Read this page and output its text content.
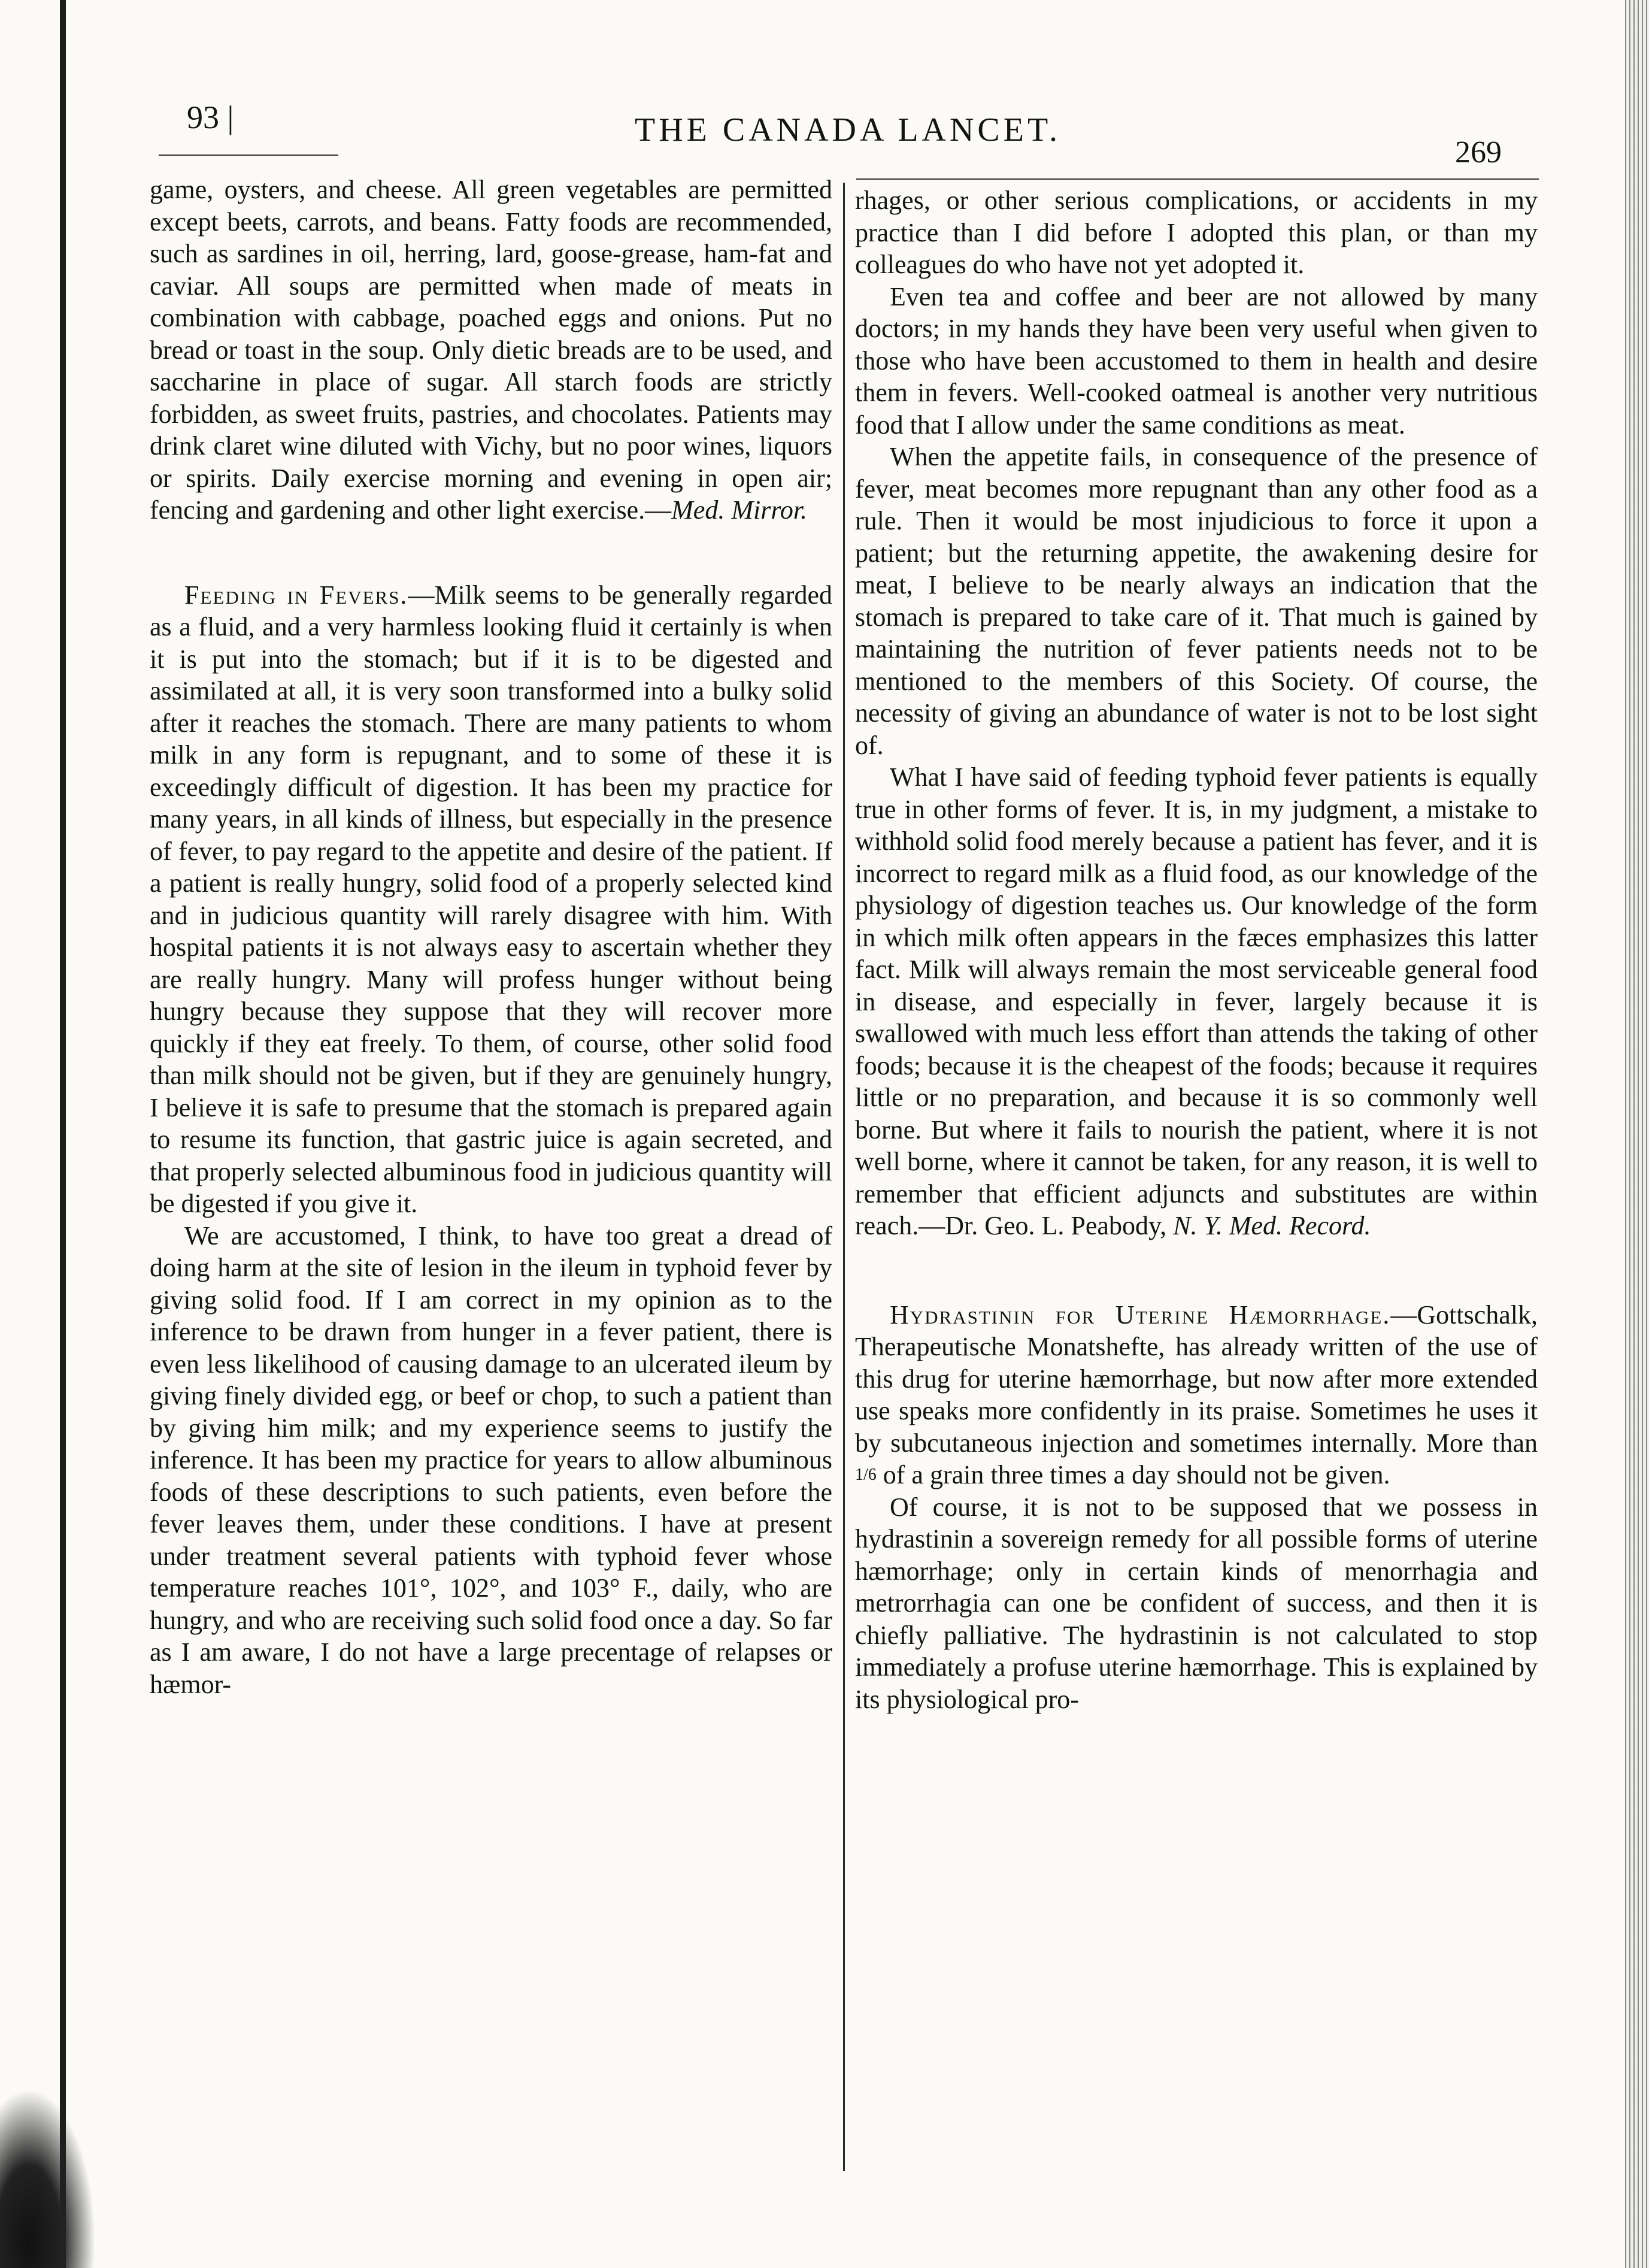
93 |	THE CANADA LANCET.
269

game, oysters, and cheese. All green vegetables are permitted except beets, carrots, and beans. Fatty foods are recommended, such as sardines in oil, herring, lard, goose-grease, ham-fat and caviar. All soups are permitted when made of meats in combination with cabbage, poached eggs and onions. Put no bread or toast in the soup. Only dietic breads are to be used, and saccharine in place of sugar. All starch foods are strictly forbidden, as sweet fruits, pastries, and chocolates. Patients may drink claret wine diluted with Vichy, but no poor wines, liquors or spirits. Daily exercise morning and evening in open air; fencing and gardening and other light exercise.—Med. Mirror.

Feeding in Fevers.—Milk seems to be generally regarded as a fluid, and a very harmless looking fluid it certainly is when it is put into the stomach; but if it is to be digested and assimilated at all, it is very soon transformed into a bulky solid after it reaches the stomach. There are many patients to whom milk in any form is repugnant, and to some of these it is exceedingly difficult of digestion. It has been my practice for many years, in all kinds of illness, but especially in the presence of fever, to pay regard to the appetite and desire of the patient. If a patient is really hungry, solid food of a properly selected kind and in judicious quantity will rarely disagree with him. With hospital patients it is not always easy to ascertain whether they are really hungry. Many will profess hunger without being hungry because they suppose that they will recover more quickly if they eat freely. To them, of course, other solid food than milk should not be given, but if they are genuinely hungry, I believe it is safe to presume that the stomach is prepared again to resume its function, that gastric juice is again secreted, and that properly selected albuminous food in judicious quantity will be digested if you give it.

We are accustomed, I think, to have too great a dread of doing harm at the site of lesion in the ileum in typhoid fever by giving solid food. If I am correct in my opinion as to the inference to be drawn from hunger in a fever patient, there is even less likelihood of causing damage to an ulcerated ileum by giving finely divided egg, or beef or chop, to such a patient than by giving him milk; and my experience seems to justify the inference. It has been my practice for years to allow albuminous foods of these descriptions to such patients, even before the fever leaves them, under these conditions. I have at present under treatment several patients with typhoid fever whose temperature reaches 101°, 102°, and 103° F., daily, who are hungry, and who are receiving such solid food once a day. So far as I am aware, I do not have a large precentage of relapses or hæmor-

rhages, or other serious complications, or accidents in my practice than I did before I adopted this plan, or than my colleagues do who have not yet adopted it.

Even tea and coffee and beer are not allowed by many doctors; in my hands they have been very useful when given to those who have been accustomed to them in health and desire them in fevers. Well-cooked oatmeal is another very nutritious food that I allow under the same conditions as meat.

When the appetite fails, in consequence of the presence of fever, meat becomes more repugnant than any other food as a rule. Then it would be most injudicious to force it upon a patient; but the returning appetite, the awakening desire for meat, I believe to be nearly always an indication that the stomach is prepared to take care of it. That much is gained by maintaining the nutrition of fever patients needs not to be mentioned to the members of this Society. Of course, the necessity of giving an abundance of water is not to be lost sight of.

What I have said of feeding typhoid fever patients is equally true in other forms of fever. It is, in my judgment, a mistake to withhold solid food merely because a patient has fever, and it is incorrect to regard milk as a fluid food, as our knowledge of the physiology of digestion teaches us. Our knowledge of the form in which milk often appears in the fæces emphasizes this latter fact. Milk will always remain the most serviceable general food in disease, and especially in fever, largely because it is swallowed with much less effort than attends the taking of other foods; because it is the cheapest of the foods; because it requires little or no preparation, and because it is so commonly well borne. But where it fails to nourish the patient, where it is not well borne, where it cannot be taken, for any reason, it is well to remember that efficient adjuncts and substitutes are within reach.—Dr. Geo. L. Peabody, N. Y. Med. Record.

Hydrastinin for Uterine Hæmorrhage.—Gottschalk, Therapeutische Monatshefte, has already written of the use of this drug for uterine hæmorrhage, but now after more extended use speaks more confidently in its praise. Sometimes he uses it by subcutaneous injection and sometimes internally. More than 1/6 of a grain three times a day should not be given.

Of course, it is not to be supposed that we possess in hydrastinin a sovereign remedy for all possible forms of uterine hæmorrhage; only in certain kinds of menorrhagia and metrorrhagia can one be confident of success, and then it is chiefly palliative. The hydrastinin is not calculated to stop immediately a profuse uterine hæmorrhage. This is explained by its physiological pro-
